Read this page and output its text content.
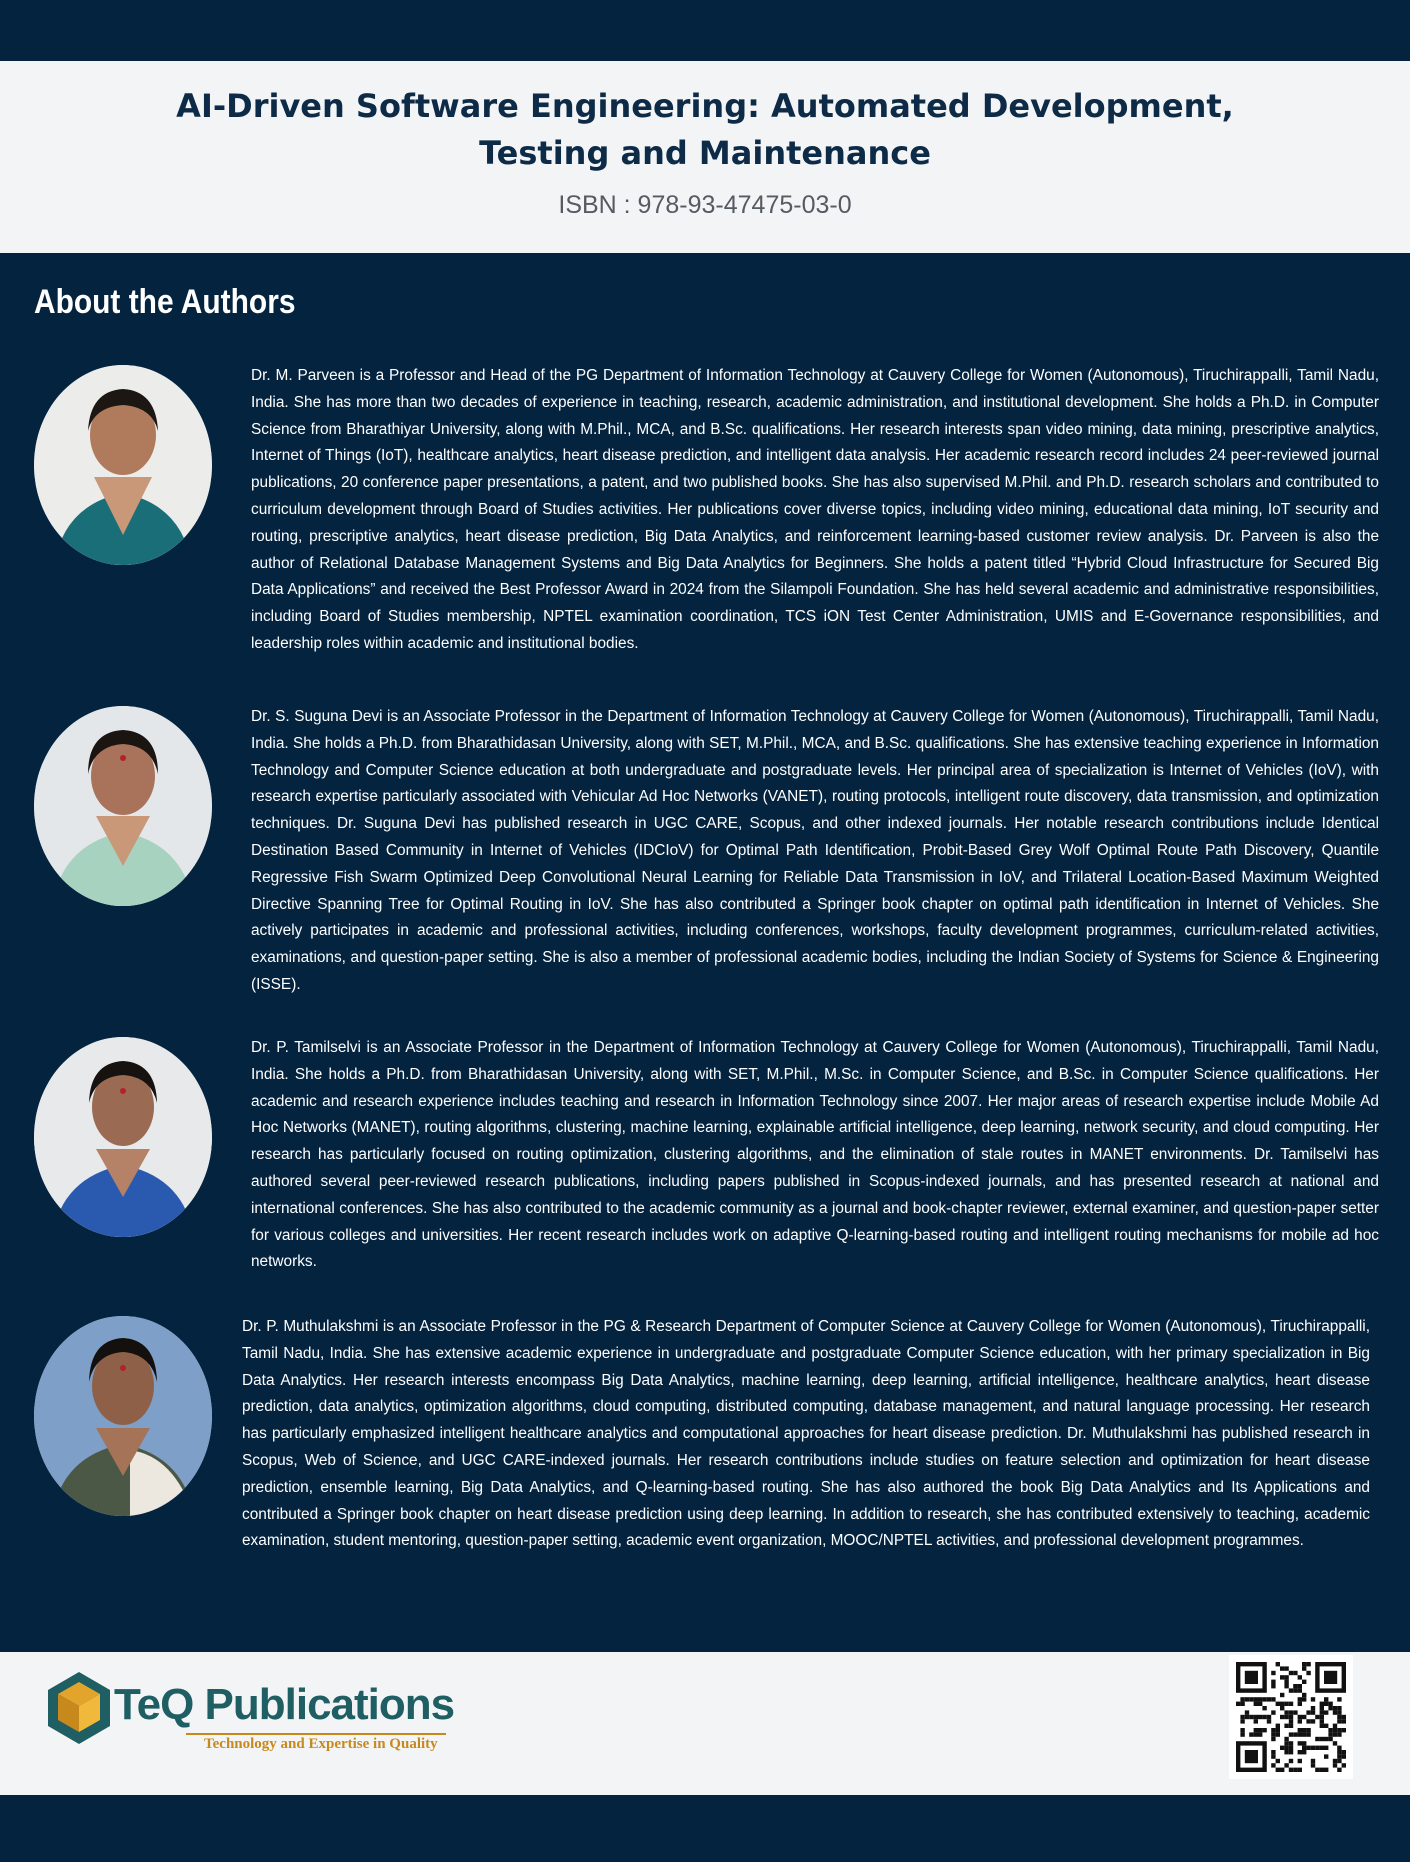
AI-Driven Software Engineering: Automated Development,
Testing and Maintenance
ISBN : 978-93-47475-03-0
About the Authors

Dr. M. Parveen is a Professor and Head of the PG Department of Information Technology at Cauvery College for Women (Autonomous), Tiruchirappalli, Tamil Nadu, India. She has more than two decades of experience in teaching, research, academic administration, and institutional development. She holds a Ph.D. in Computer Science from Bharathiyar University, along with M.Phil., MCA, and B.Sc. qualifications. Her research interests span video mining, data mining, prescriptive analytics, Internet of Things (IoT), healthcare analytics, heart disease prediction, and intelligent data analysis. Her academic research record includes 24 peer-reviewed journal publications, 20 conference paper presentations, a patent, and two published books. She has also supervised M.Phil. and Ph.D. research scholars and contributed to curriculum development through Board of Studies activities. Her publications cover diverse topics, including video mining, educational data mining, IoT security and routing, prescriptive analytics, heart disease prediction, Big Data Analytics, and reinforcement learning-based customer review analysis. Dr. Parveen is also the author of Relational Database Management Systems and Big Data Analytics for Beginners. She holds a patent titled “Hybrid Cloud Infrastructure for Secured Big Data Applications” and received the Best Professor Award in 2024 from the Silampoli Foundation. She has held several academic and administrative responsibilities, including Board of Studies membership, NPTEL examination coordination, TCS iON Test Center Administration, UMIS and E-Governance responsibilities, and leadership roles within academic and institutional bodies.

Dr. S. Suguna Devi is an Associate Professor in the Department of Information Technology at Cauvery College for Women (Autonomous), Tiruchirappalli, Tamil Nadu, India. She holds a Ph.D. from Bharathidasan University, along with SET, M.Phil., MCA, and B.Sc. qualifications. She has extensive teaching experience in Information Technology and Computer Science education at both undergraduate and postgraduate levels. Her principal area of specialization is Internet of Vehicles (IoV), with research expertise particularly associated with Vehicular Ad Hoc Networks (VANET), routing protocols, intelligent route discovery, data transmission, and optimization techniques. Dr. Suguna Devi has published research in UGC CARE, Scopus, and other indexed journals. Her notable research contributions include Identical Destination Based Community in Internet of Vehicles (IDCIoV) for Optimal Path Identification, Probit-Based Grey Wolf Optimal Route Path Discovery, Quantile Regressive Fish Swarm Optimized Deep Convolutional Neural Learning for Reliable Data Transmission in IoV, and Trilateral Location-Based Maximum Weighted Directive Spanning Tree for Optimal Routing in IoV. She has also contributed a Springer book chapter on optimal path identification in Internet of Vehicles. She actively participates in academic and professional activities, including conferences, workshops, faculty development programmes, curriculum-related activities, examinations, and question-paper setting. She is also a member of professional academic bodies, including the Indian Society of Systems for Science & Engineering (ISSE).

Dr. P. Tamilselvi is an Associate Professor in the Department of Information Technology at Cauvery College for Women (Autonomous), Tiruchirappalli, Tamil Nadu, India. She holds a Ph.D. from Bharathidasan University, along with SET, M.Phil., M.Sc. in Computer Science, and B.Sc. in Computer Science qualifications. Her academic and research experience includes teaching and research in Information Technology since 2007. Her major areas of research expertise include Mobile Ad Hoc Networks (MANET), routing algorithms, clustering, machine learning, explainable artificial intelligence, deep learning, network security, and cloud computing. Her research has particularly focused on routing optimization, clustering algorithms, and the elimination of stale routes in MANET environments. Dr. Tamilselvi has authored several peer-reviewed research publications, including papers published in Scopus-indexed journals, and has presented research at national and international conferences. She has also contributed to the academic community as a journal and book-chapter reviewer, external examiner, and question-paper setter for various colleges and universities. Her recent research includes work on adaptive Q-learning-based routing and intelligent routing mechanisms for mobile ad hoc networks.

Dr. P. Muthulakshmi is an Associate Professor in the PG & Research Department of Computer Science at Cauvery College for Women (Autonomous), Tiruchirappalli, Tamil Nadu, India. She has extensive academic experience in undergraduate and postgraduate Computer Science education, with her primary specialization in Big Data Analytics. Her research interests encompass Big Data Analytics, machine learning, deep learning, artificial intelligence, healthcare analytics, heart disease prediction, data analytics, optimization algorithms, cloud computing, distributed computing, database management, and natural language processing. Her research has particularly emphasized intelligent healthcare analytics and computational approaches for heart disease prediction. Dr. Muthulakshmi has published research in Scopus, Web of Science, and UGC CARE-indexed journals. Her research contributions include studies on feature selection and optimization for heart disease prediction, ensemble learning, Big Data Analytics, and Q-learning-based routing. She has also authored the book Big Data Analytics and Its Applications and contributed a Springer book chapter on heart disease prediction using deep learning. In addition to research, she has contributed extensively to teaching, academic examination, student mentoring, question-paper setting, academic event organization, MOOC/NPTEL activities, and professional development programmes.

TeQ Publications

Technology and Expertise in Quality
